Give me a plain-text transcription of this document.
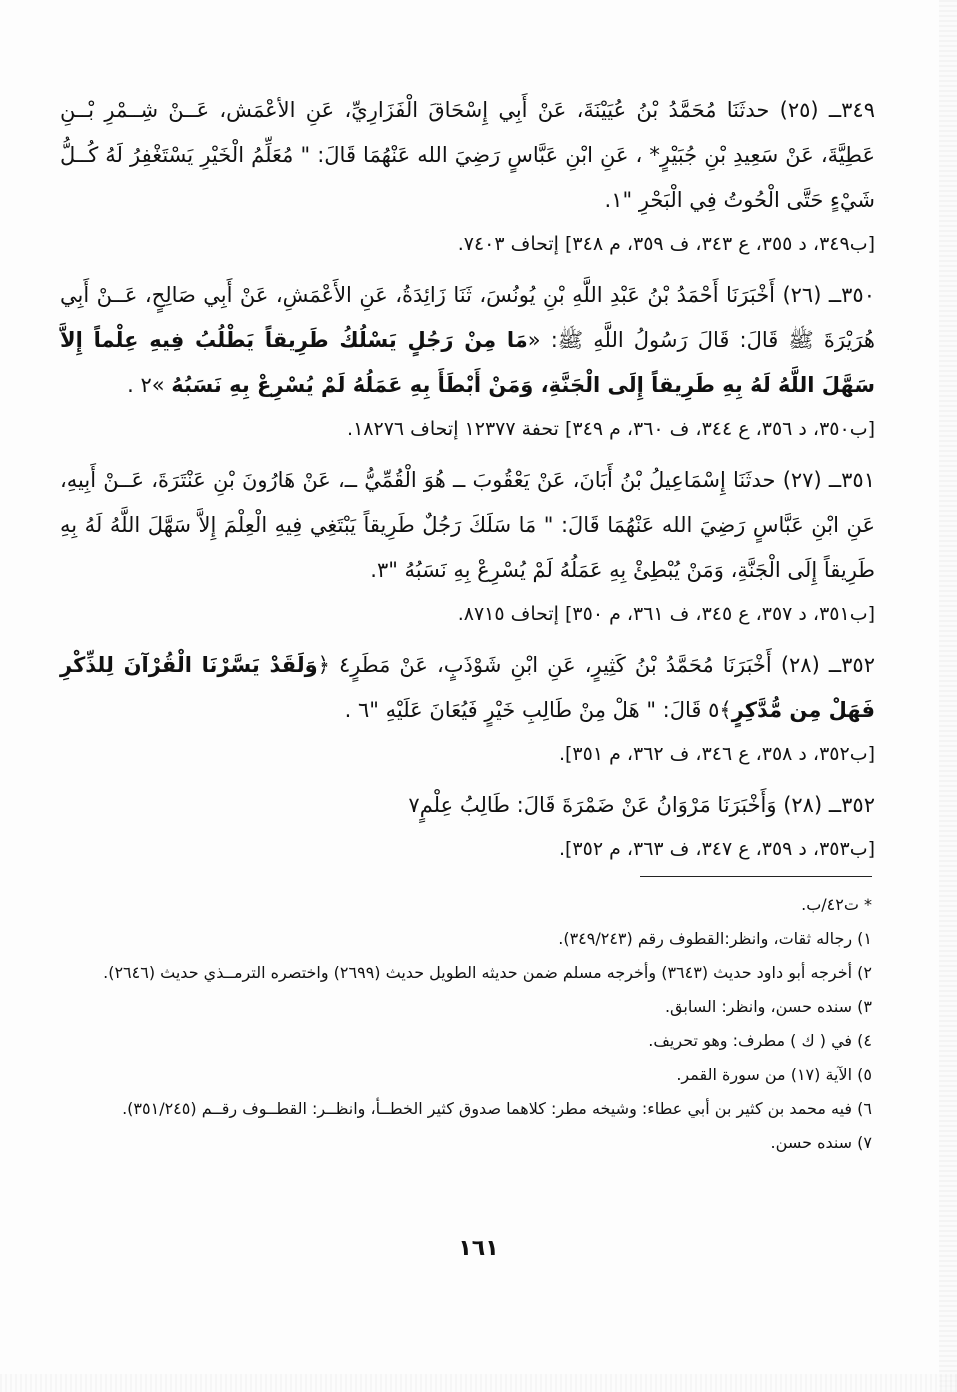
٣٤٩ــ (٢٥) حدثَنَا مُحَمَّدُ بْنُ عُيَيْنَةَ، عَنْ أَبِي إِسْحَاقَ الْفَزَارِيِّ، عَنِ الأعْمَش، عَــنْ شِــمْرِ بْــنِ عَطِيَّةَ، عَنْ سَعِيدِ بْنِ جُبَيْرٍ* ، عَنِ ابْنِ عَبَّاسٍ رَضِيَ الله عَنْهُمَا قَالَ: " مُعَلِّمُ الْخَيْرِ يَسْتَغْفِرُ لَهُ كُــلُّ شَيْءٍ حَتَّى الْحُوتُ فِي الْبَحْرِ "١.

[ب٣٤٩، د ٣٥٥، ع ٣٤٣، ف ٣٥٩، م ٣٤٨] إتحاف ٧٤٠٣.

٣٥٠ــ (٢٦) أَخْبَرَنَا أَحْمَدُ بْنُ عَبْدِ اللَّهِ بْنِ يُونُسَ، ثَنَا زَائِدَةُ، عَنِ الأَعْمَشِ، عَنْ أَبِي صَالِحٍ، عَــنْ أَبِي هُرَيْرَةَ ﷺ قَالَ: قَالَ رَسُولُ اللَّهِ ﷺ: «مَا مِنْ رَجُلٍ يَسْلُكُ طَرِيقاً يَطْلُبُ فِيهِ عِلْماً إِلاَّ سَهَّلَ اللَّهُ لَهُ بِهِ طَرِيقاً إِلَى الْجَنَّةِ، وَمَنْ أَبْطَأَ بِهِ عَمَلُهُ لَمْ يُسْرِعْ بِهِ نَسَبُهُ »٢ .

[ب٣٥٠، د ٣٥٦، ع ٣٤٤، ف ٣٦٠، م ٣٤٩] تحفة ١٢٣٧٧ إتحاف ١٨٢٧٦.

٣٥١ــ (٢٧) حدثَنَا إِسْمَاعِيلُ بْنُ أَبَانَ، عَنْ يَعْقُوبَ ــ هُوَ الْقُمِّيُّ ــ، عَنْ هَارُونَ بْنِ عَنْتَرَةَ، عَــنْ أَبِيهِ، عَنِ ابْنِ عَبَّاسٍ رَضِيَ الله عَنْهُمَا قَالَ: " مَا سَلَكَ رَجُلٌ طَرِيقاً يَبْتَغِي فِيهِ الْعِلْمَ إِلاَّ سَهَّلَ اللَّهُ لَهُ بِهِ طَرِيقاً إِلَى الْجَنَّةِ، وَمَنْ يُبْطِئْ بِهِ عَمَلُهُ لَمْ يُسْرِعْ بِهِ نَسَبُهُ "٣.

[ب٣٥١، د ٣٥٧، ع ٣٤٥، ف ٣٦١، م ٣٥٠] إتحاف ٨٧١٥.

٣٥٢ــ (٢٨) أَخْبَرَنَا مُحَمَّدُ بْنُ كَثِيرٍ، عَنِ ابْنِ شَوْذَبٍ، عَنْ مَطَرٍ٤ ﴿وَلَقَدْ يَسَّرْنَا الْقُرْآنَ لِلذِّكْرِ فَهَلْ مِن مُّدَّكِرٍ﴾٥ قَالَ: " هَلْ مِنْ طَالِبِ خَيْرٍ فَيُعَانَ عَلَيْهِ "٦ .

[ب٣٥٢، د ٣٥٨، ع ٣٤٦، ف ٣٦٢، م ٣٥١].

٣٥٢ــ (٢٨) وَأَخْبَرَنَا مَرْوَانُ عَنْ ضَمْرَةَ قَالَ: طَالِبُ عِلْمٍ٧

[ب٣٥٣، د ٣٥٩، ع ٣٤٧، ف ٣٦٣، م ٣٥٢].

* ت٤٢/ب.

١) رجاله ثقات، وانظر:القطوف رقم (٣٤٩/٢٤٣).

٢) أخرجه أبو داود حديث (٣٦٤٣) وأخرجه مسلم ضمن حديثه الطويل حديث (٢٦٩٩) واختصره الترمــذي حديث (٢٦٤٦).

٣) سنده حسن، وانظر: السابق.

٤) في ( ك ) مطرف: وهو تحريف.

٥) الآية (١٧) من سورة القمر.

٦) فيه محمد بن كثير بن أبي عطاء: وشيخه مطر: كلاهما صدوق كثير الخطــأ، وانظــر: القطــوف رقــم (٣٥١/٢٤٥).

٧) سنده حسن.

١٦١
